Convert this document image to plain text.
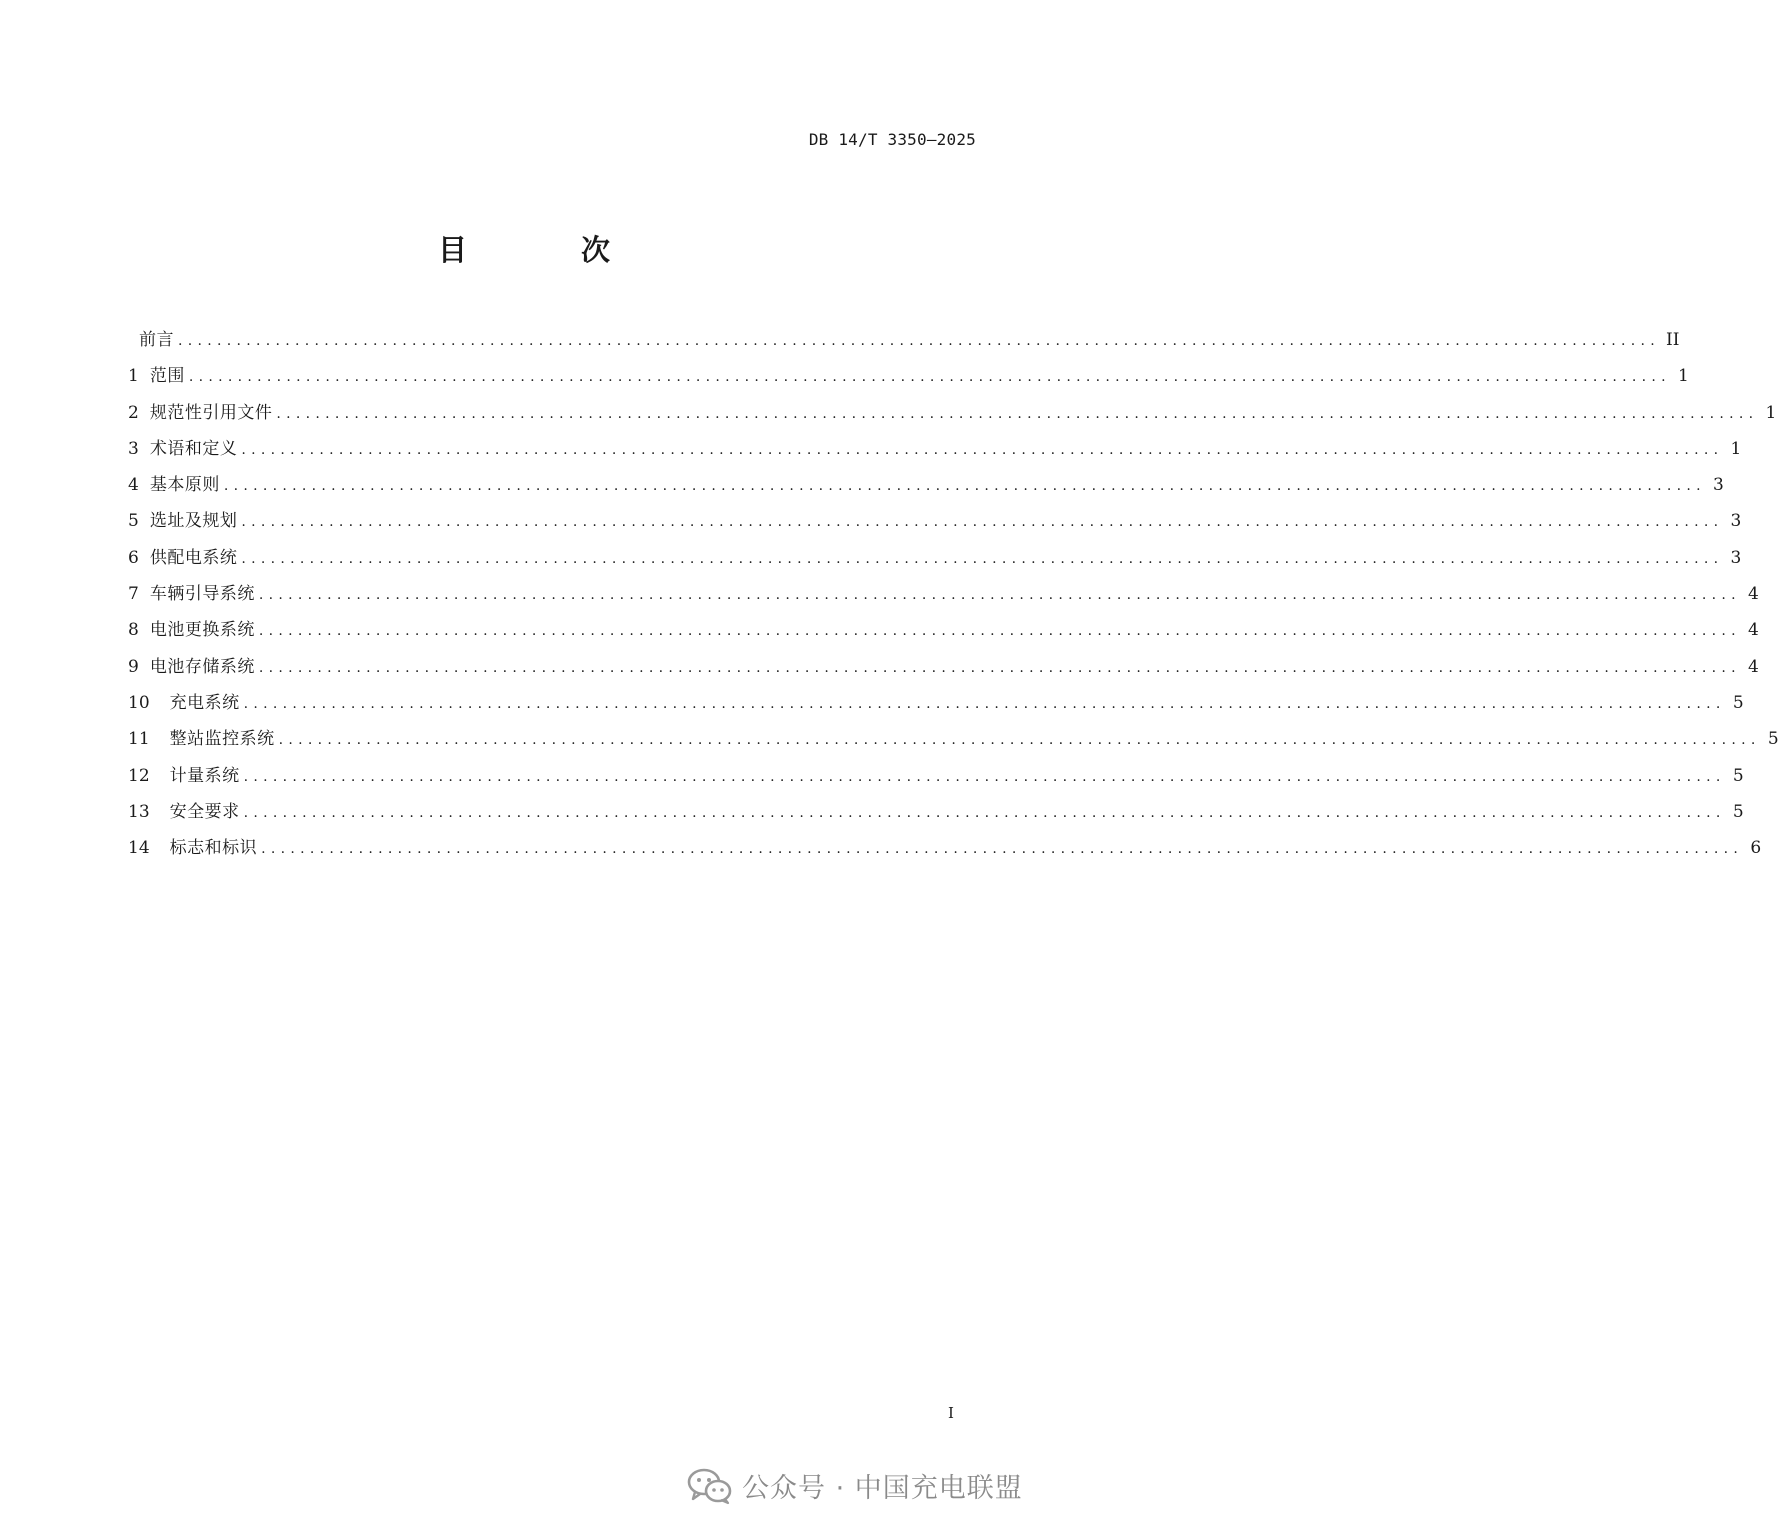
DB 14/T 3350—2025
目 次
前言 ........................................................................................................................................................ II
1 范围 ........................................................................................................................................................ 1
2 规范性引用文件 ........................................................................................................................................................ 1
3 术语和定义 ........................................................................................................................................................ 1
4 基本原则 ........................................................................................................................................................ 3
5 选址及规划 ........................................................................................................................................................ 3
6 供配电系统 ........................................................................................................................................................ 3
7 车辆引导系统 ........................................................................................................................................................ 4
8 电池更换系统 ........................................................................................................................................................ 4
9 电池存储系统 ........................................................................................................................................................ 4
10	充电系统 ........................................................................................................................................................ 5
11	整站监控系统 ........................................................................................................................................................ 5
12	计量系统 ........................................................................................................................................................ 5
13	安全要求 ........................................................................................................................................................ 5
14	标志和标识 ........................................................................................................................................................ 6
I
公众号 · 中国充电联盟
